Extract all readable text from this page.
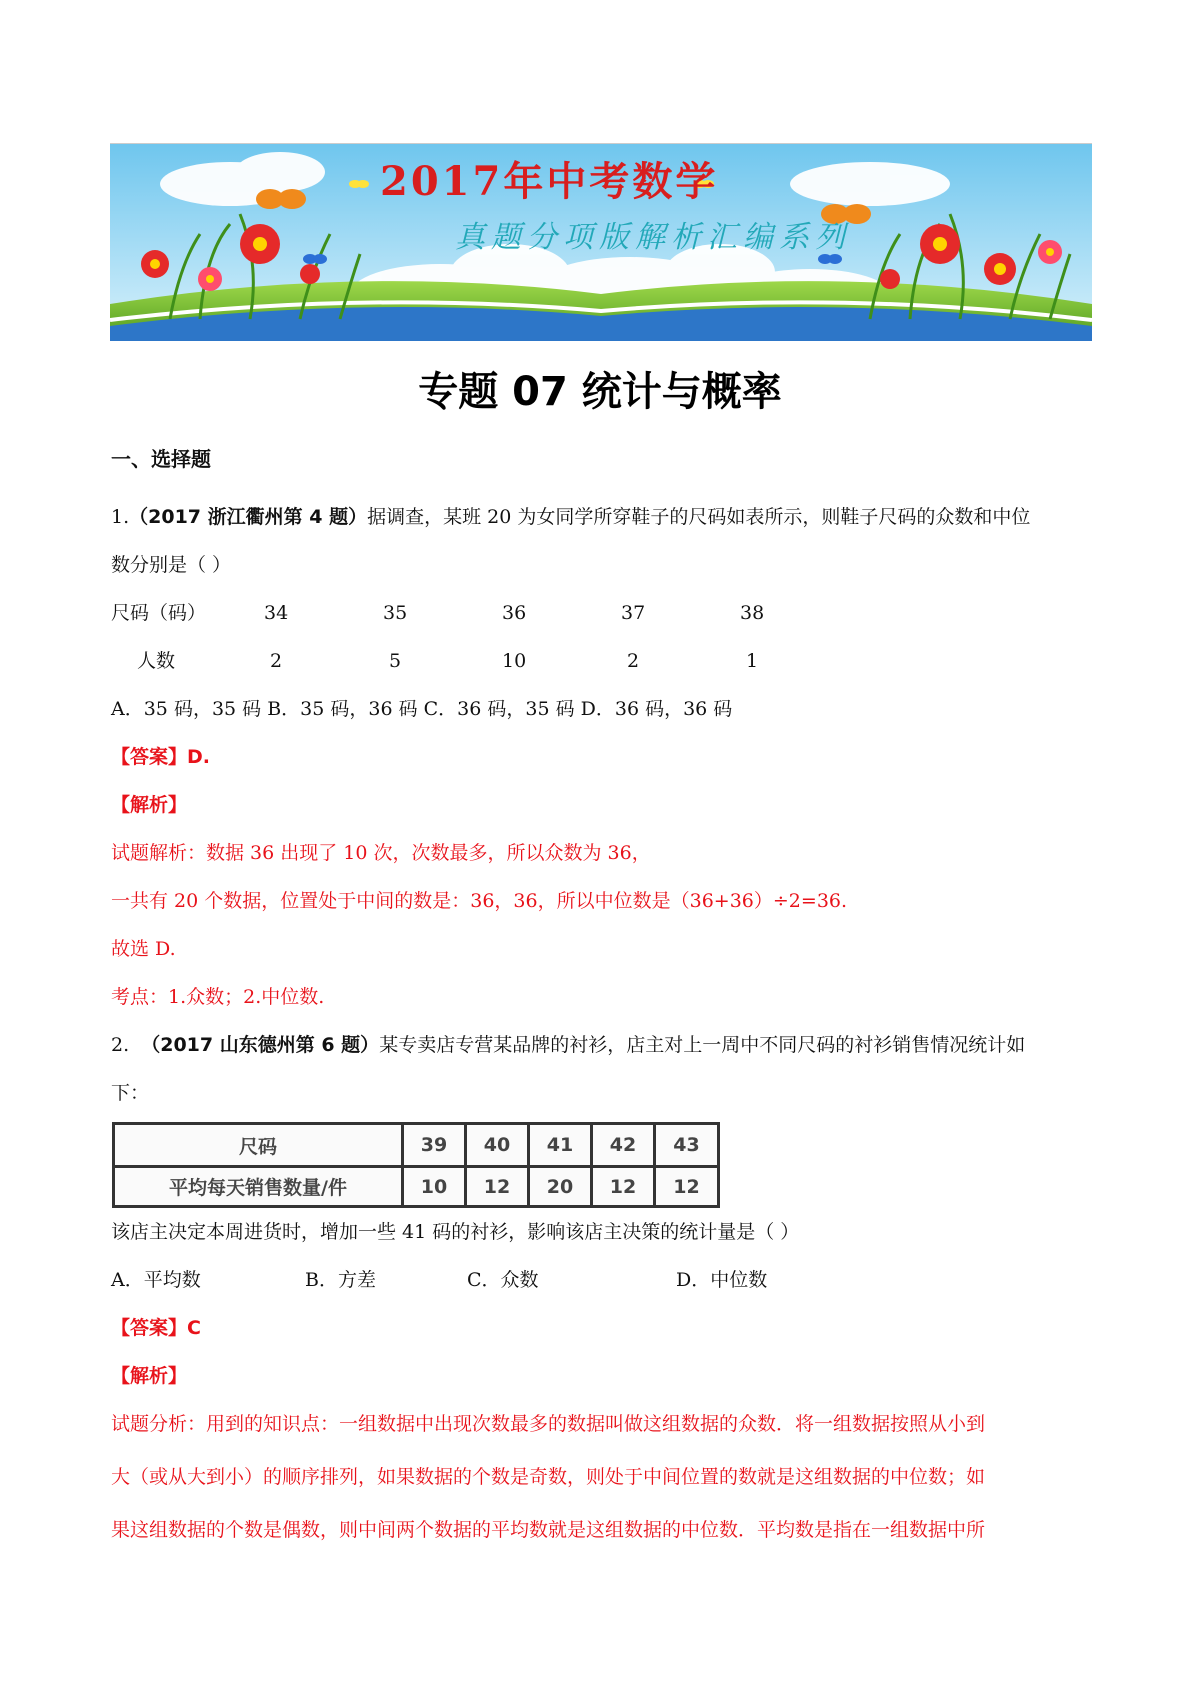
2017年中考数学
真题分项版解析汇编系列
专题 07 统计与概率
一、选择题
1.（2017 浙江衢州第 4 题）据调查，某班 20 为女同学所穿鞋子的尺码如表所示，则鞋子尺码的众数和中位
数分别是（ ）
尺码（码）	34	35	36	37	38
人数	2	5	10	2	1
A．35 码，35 码 B．35 码，36 码 C．36 码，35 码 D．36 码，36 码
【答案】D.
【解析】
试题解析：数据 36 出现了 10 次，次数最多，所以众数为 36，
一共有 20 个数据，位置处于中间的数是：36，36，所以中位数是（36+36）÷2=36.
故选 D.
考点：1.众数；2.中位数.
2. （2017 山东德州第 6 题）某专卖店专营某品牌的衬衫，店主对上一周中不同尺码的衬衫销售情况统计如
下：
尺码	39	40	41	42	43
平均每天销售数量/件	10	12	20	12	12
该店主决定本周进货时，增加一些 41 码的衬衫，影响该店主决策的统计量是（ ）
A．平均数	B．方差	C．众数	D．中位数
【答案】C
【解析】
试题分析：用到的知识点：一组数据中出现次数最多的数据叫做这组数据的众数．将一组数据按照从小到
大（或从大到小）的顺序排列，如果数据的个数是奇数，则处于中间位置的数就是这组数据的中位数；如
果这组数据的个数是偶数，则中间两个数据的平均数就是这组数据的中位数．平均数是指在一组数据中所
